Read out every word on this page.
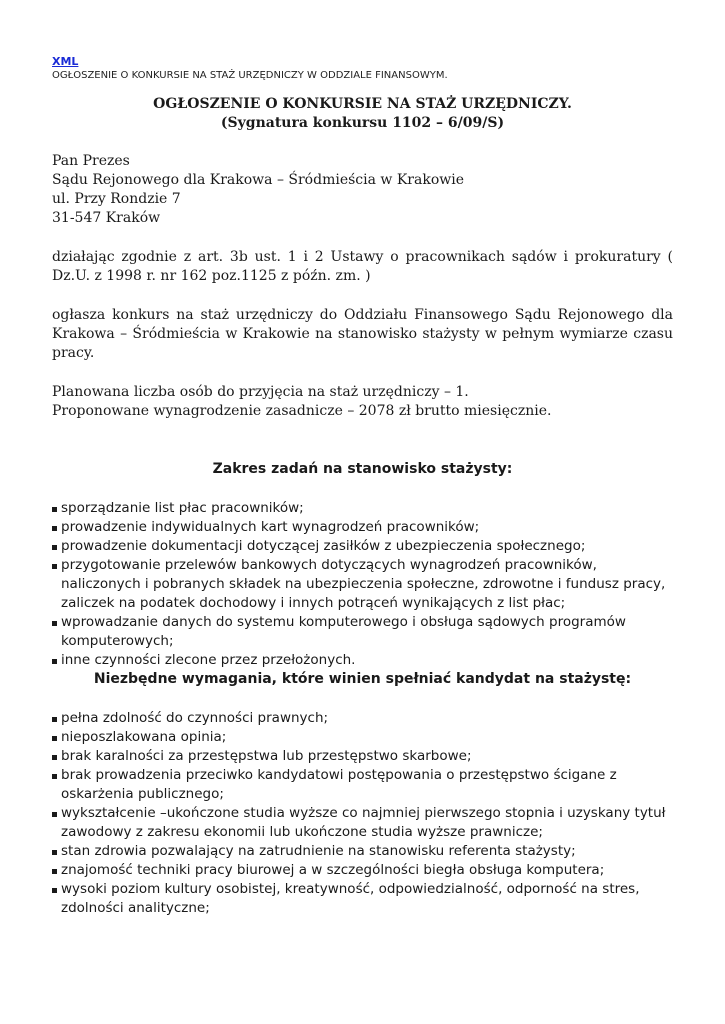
XML
OGŁOSZENIE O KONKURSIE NA STAŻ URZĘDNICZY W ODDZIALE FINANSOWYM.

OGŁOSZENIE O KONKURSIE NA STAŻ URZĘDNICZY.

(Sygnatura konkursu 1102 – 6/09/S)

Pan Prezes

Sądu Rejonowego dla Krakowa – Śródmieścia w Krakowie

ul. Przy Rondzie 7

31-547 Kraków

działając zgodnie z art. 3b ust. 1 i 2 Ustawy o pracownikach sądów i prokuratury ( Dz.U. z 1998 r. nr 162 poz.1125 z późn. zm. )

ogłasza konkurs na staż urzędniczy do Oddziału Finansowego Sądu Rejonowego dla Krakowa – Śródmieścia w Krakowie na stanowisko stażysty w pełnym wymiarze czasu pracy.

Planowana liczba osób do przyjęcia na staż urzędniczy – 1.

Proponowane wynagrodzenie zasadnicze – 2078 zł brutto miesięcznie.

Zakres zadań na stanowisko stażysty:

sporządzanie list płac pracowników;
prowadzenie indywidualnych kart wynagrodzeń pracowników;
prowadzenie dokumentacji dotyczącej zasiłków z ubezpieczenia społecznego;
przygotowanie przelewów bankowych dotyczących wynagrodzeń pracowników, naliczonych i pobranych składek na ubezpieczenia społeczne, zdrowotne i fundusz pracy, zaliczek na podatek dochodowy i innych potrąceń wynikających z list płac;
wprowadzanie danych do systemu komputerowego i obsługa sądowych programów komputerowych;
inne czynności zlecone przez przełożonych.

Niezbędne wymagania, które winien spełniać kandydat na stażystę:

pełna zdolność do czynności prawnych;
nieposzlakowana opinia;
brak karalności za przestępstwa lub przestępstwo skarbowe;
brak prowadzenia przeciwko kandydatowi postępowania o przestępstwo ścigane z oskarżenia publicznego;
wykształcenie –ukończone studia wyższe co najmniej pierwszego stopnia i uzyskany tytuł zawodowy z zakresu ekonomii lub ukończone studia wyższe prawnicze;
stan zdrowia pozwalający na zatrudnienie na stanowisku referenta stażysty;
znajomość techniki pracy biurowej a w szczególności biegła obsługa komputera;
wysoki poziom kultury osobistej, kreatywność, odpowiedzialność, odporność na stres, zdolności analityczne;
